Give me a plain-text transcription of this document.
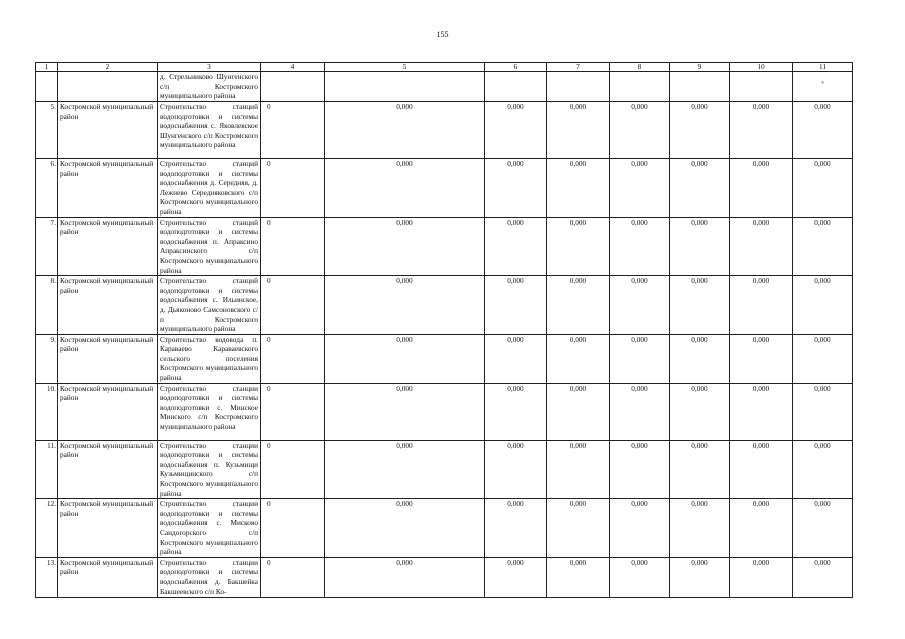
155
1	2	3	4	5	6	7	8	9	10	11
		д. Стрельниково Шунгенского с/п Костромского муниципального района								*

5.	Костромской муниципальный район	Строительство станций водоподготовки и системы водоснабжения с. Яковлевское Шунгенского с/п Костромского муниципального района	0	0,000	0,000	0,000	0,000	0,000	0,000	0,000
6.	Костромской муниципальный район	Строительство станций водоподготовки и системы водоснабжения д. Середняя, д. Лежнево Середняковского с/п Костромского муниципального района	0	0,000	0,000	0,000	0,000	0,000	0,000	0,000
7.	Костромской муниципальный район	Строительство станций водоподготовки и системы водоснабжения п. Апраксино Апраксинского с/п Костромского муниципального района	0	0,000	0,000	0,000	0,000	0,000	0,000	0,000
8.	Костромской муниципальный район	Строительство станций водоподготовки и системы водоснабжения с. Ильинское, д. Дьяконово Самсоновского с/п Костромского муниципального района	0	0,000	0,000	0,000	0,000	0,000	0,000	0,000
9.	Костромской муниципальный район	Строительство водовода п. Караваево Караваевского сельского поселения Костромского муниципального района	0	0,000	0,000	0,000	0,000	0,000	0,000	0,000
10.	Костромской муниципальный район	Строительство станции водоподготовки и системы водоподготовки с. Минское Минского с/п Костромского муниципального района	0	0,000	0,000	0,000	0,000	0,000	0,000	0,000
11.	Костромской муниципальный район	Строительство станции водоподготовки и системы водоснабжения п. Кузьмищи Кузьмищинского с/п Костромского муниципального района	0	0,000	0,000	0,000	0,000	0,000	0,000	0,000
12.	Костромской муниципальный район	Строительство станции водоподготовки и системы водоснабжения с. Мисково Сандогорского с/п Костромского муниципального района	0	0,000	0,000	0,000	0,000	0,000	0,000	0,000
13.	Костромской муниципальный район	Строительство станции водоподготовки и системы водоснабжения д. Бакшейка Бакшеевского с/п Ко-	0	0,000	0,000	0,000	0,000	0,000	0,000	0,000
